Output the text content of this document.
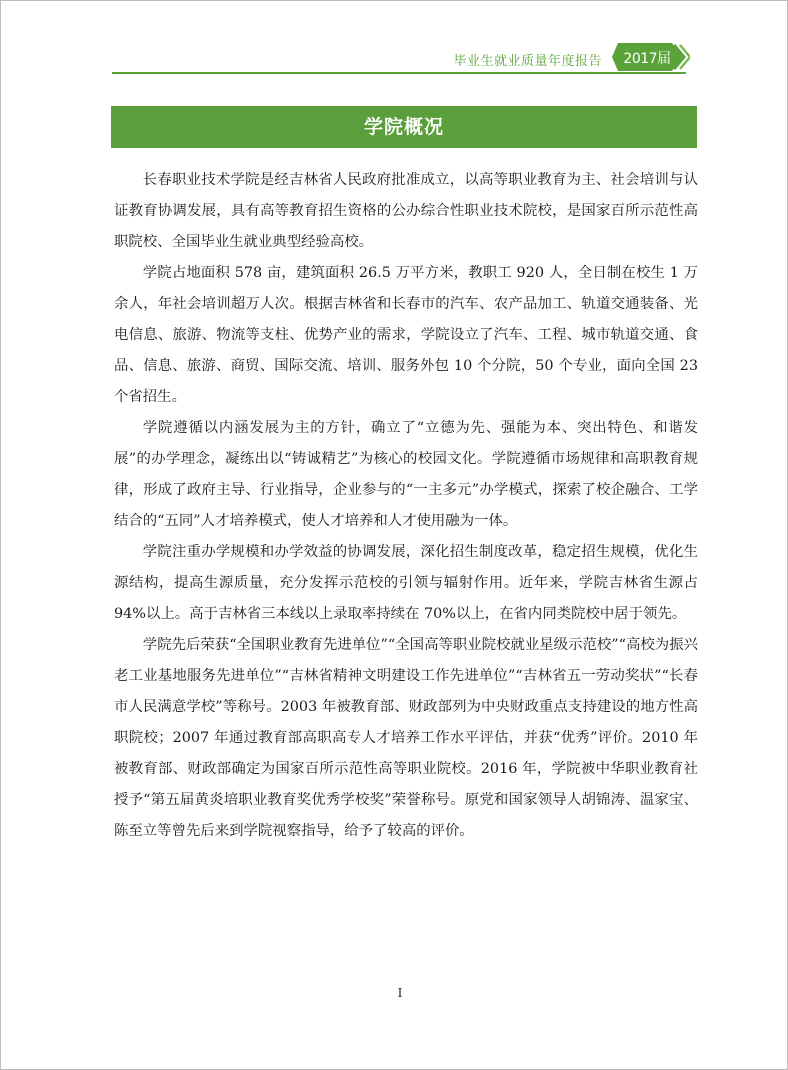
毕业生就业质量年度报告	2017届
学院概况

长春职业技术学院是经吉林省人民政府批准成立，以高等职业教育为主、社会培训与认证教育协调发展，具有高等教育招生资格的公办综合性职业技术院校，是国家百所示范性高职院校、全国毕业生就业典型经验高校。

学院占地面积 578 亩，建筑面积 26.5 万平方米，教职工 920 人，全日制在校生 1 万余人，年社会培训超万人次。根据吉林省和长春市的汽车、农产品加工、轨道交通装备、光电信息、旅游、物流等支柱、优势产业的需求，学院设立了汽车、工程、城市轨道交通、食品、信息、旅游、商贸、国际交流、培训、服务外包 10 个分院，50 个专业，面向全国 23 个省招生。

学院遵循以内涵发展为主的方针，确立了“立德为先、强能为本、突出特色、和谐发展”的办学理念，凝练出以“铸诚精艺”为核心的校园文化。学院遵循市场规律和高职教育规律，形成了政府主导、行业指导，企业参与的“一主多元”办学模式，探索了校企融合、工学结合的“五同”人才培养模式，使人才培养和人才使用融为一体。

学院注重办学规模和办学效益的协调发展，深化招生制度改革，稳定招生规模，优化生源结构，提高生源质量，充分发挥示范校的引领与辐射作用。近年来，学院吉林省生源占 94%以上。高于吉林省三本线以上录取率持续在 70%以上，在省内同类院校中居于领先。

学院先后荣获“全国职业教育先进单位”“全国高等职业院校就业星级示范校”“高校为振兴老工业基地服务先进单位”“吉林省精神文明建设工作先进单位”“吉林省五一劳动奖状”“长春市人民满意学校”等称号。2003 年被教育部、财政部列为中央财政重点支持建设的地方性高职院校；2007 年通过教育部高职高专人才培养工作水平评估，并获“优秀”评价。2010 年被教育部、财政部确定为国家百所示范性高等职业院校。2016 年，学院被中华职业教育社授予“第五届黄炎培职业教育奖优秀学校奖”荣誉称号。原党和国家领导人胡锦涛、温家宝、陈至立等曾先后来到学院视察指导，给予了较高的评价。

I
